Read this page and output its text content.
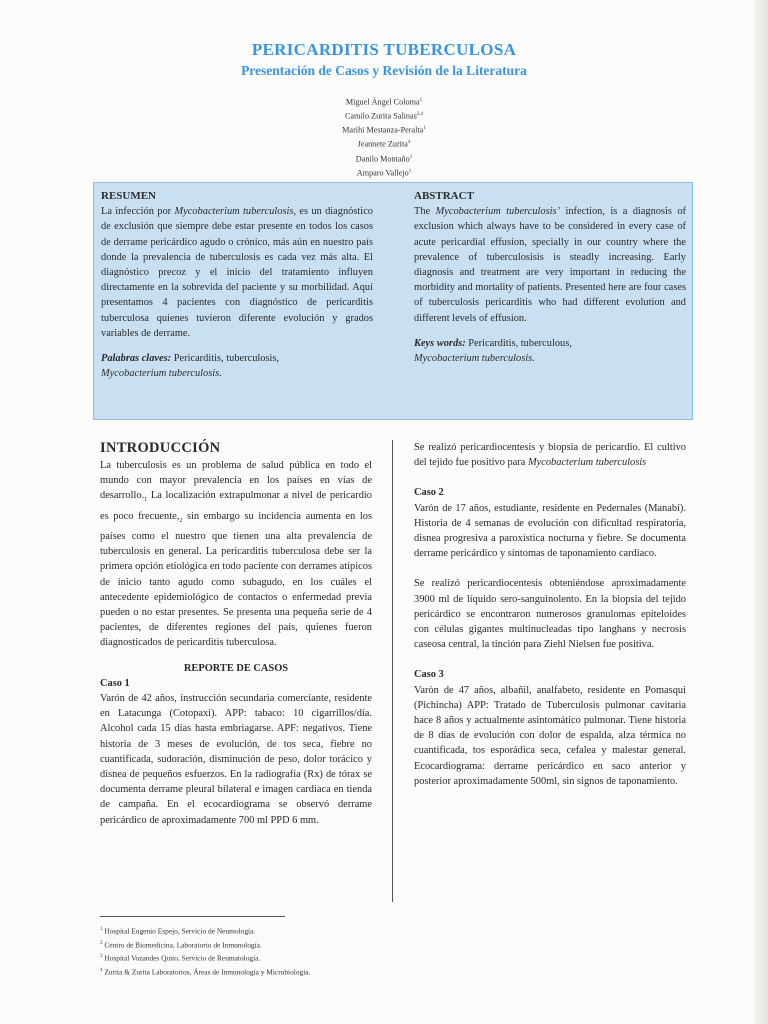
PERICARDITIS TUBERCULOSA
Presentación de Casos y Revisión de la Literatura
Miguel Ángel Coloma$^1$
Camilo Zurita Salinas$^{2,4}$
Marihi Mestanza-Peralta$^1$
Jeannete Zurita$^4$
Danilo Montaño$^1$
Amparo Vallejo$^1$
RESUMEN
La infección por Mycobacterium tuberculosis, es un diagnóstico de exclusión que siempre debe estar presente en todos los casos de derrame pericárdico agudo o crónico, más aún en nuestro país donde la prevalencia de tuberculosis es cada vez más alta. El diagnóstico precoz y el inicio del tratamiento influyen directamente en la sobrevida del paciente y su morbilidad. Aquí presentamos 4 pacientes con diagnóstico de pericarditis tuberculosa quienes tuvieron diferente evolución y grados variables de derrame.
Palabras claves: Pericarditis, tuberculosis,
Mycobacterium tuberculosis.
ABSTRACT
The Mycobacterium tuberculosis’ infection, is a diagnosis of exclusion which always have to be considered in every case of acute pericardial effusion, specially in our country where the prevalence of tuberculosisis is steadly increasing. Early diagnosis and treatment are very important in reducing the morbidity and mortality of patients. Presented here are four cases of tuberculosis pericarditis who had different evolution and different levels of effusion.
Keys words: Pericarditis, tuberculous,
Mycobacterium tuberculosis.
INTRODUCCIÓN

La tuberculosis es un problema de salud pública en todo el mundo con mayor prevalencia en los países en vías de $desarrollo._1$ La localización extrapulmonar a nivel de pericardio es poco $frecuente,_2$ sin embargo su incidencia aumenta en los países como el nuestro que tienen una alta prevalencia de tuberculosis en general. La pericarditis tuberculosa debe ser la primera opción etiológica en todo paciente con derrames atípicos de inicio tanto agudo como subagudo, en los cuáles el antecedente epidemiológico de contactos o enfermedad previa pueden o no estar presentes. Se presenta una pequeña serie de 4 pacientes, de diferentes regiones del país, quienes fueron diagnosticados de pericarditis tuberculosa.

REPORTE DE CASOS
Caso 1

Varón de 42 años, instrucción secundaria comerciante, residente en Latacunga (Cotopaxi). APP: tabaco: 10 cigarrillos/día. Alcohol cada 15 días hasta embriagarse. APF: negativos. Tiene historia de 3 meses de evolución, de tos seca, fiebre no cuantificada, sudoración, disminución de peso, dolor torácico y disnea de pequeños esfuerzos. En la radiografía (Rx) de tórax se documenta derrame pleural bilateral e imagen cardiaca en tienda de campaña. En el ecocardiograma se observó derrame pericárdico de aproximadamente 700 ml PPD 6 mm.

Se realizó pericardiocentesis y biopsia de pericardio. El cultivo del tejido fue positivo para Mycobacterium tuberculosis

Caso 2

Varón de 17 años, estudiante, residente en Pedernales (Manabí). Historia de 4 semanas de evolución con dificultad respiratoria, disnea progresiva a paroxística nocturna y fiebre. Se documenta derrame pericárdico y síntomas de taponamiento cardiaco.

Se realizó pericardiocentesis obteniéndose aproximadamente 3900 ml de líquido sero-sanguinolento. En la biopsia del tejido pericárdico se encontraron numerosos granulomas epiteloides con células gigantes multinucleadas tipo langhans y necrosis caseosa central, la tinción para Ziehl Nielsen fue positiva.

Caso 3

Varón de 47 años, albañil, analfabeto, residente en Pomasqui (Pichincha) APP: Tratado de Tuberculosis pulmonar cavitaria hace 8 años y actualmente asintomático pulmonar. Tiene historia de 8 días de evolución con dolor de espalda, alza térmica no cuantificada, tos esporádica seca, cefalea y malestar general. Ecocardiograma: derrame pericárdico en saco anterior y posterior aproximadamente 500ml, sin signos de taponamiento.

$^1$ Hospital Eugenio Espejo, Servicio de Neumología.
$^2$ Centro de Biomedicina, Laboratorio de Inmunología.
$^3$ Hospital Vozandes Quito, Servicio de Reumatología.
$^4$ Zurita & Zurita Laboratorios, Áreas de Inmunología y Microbiología.
